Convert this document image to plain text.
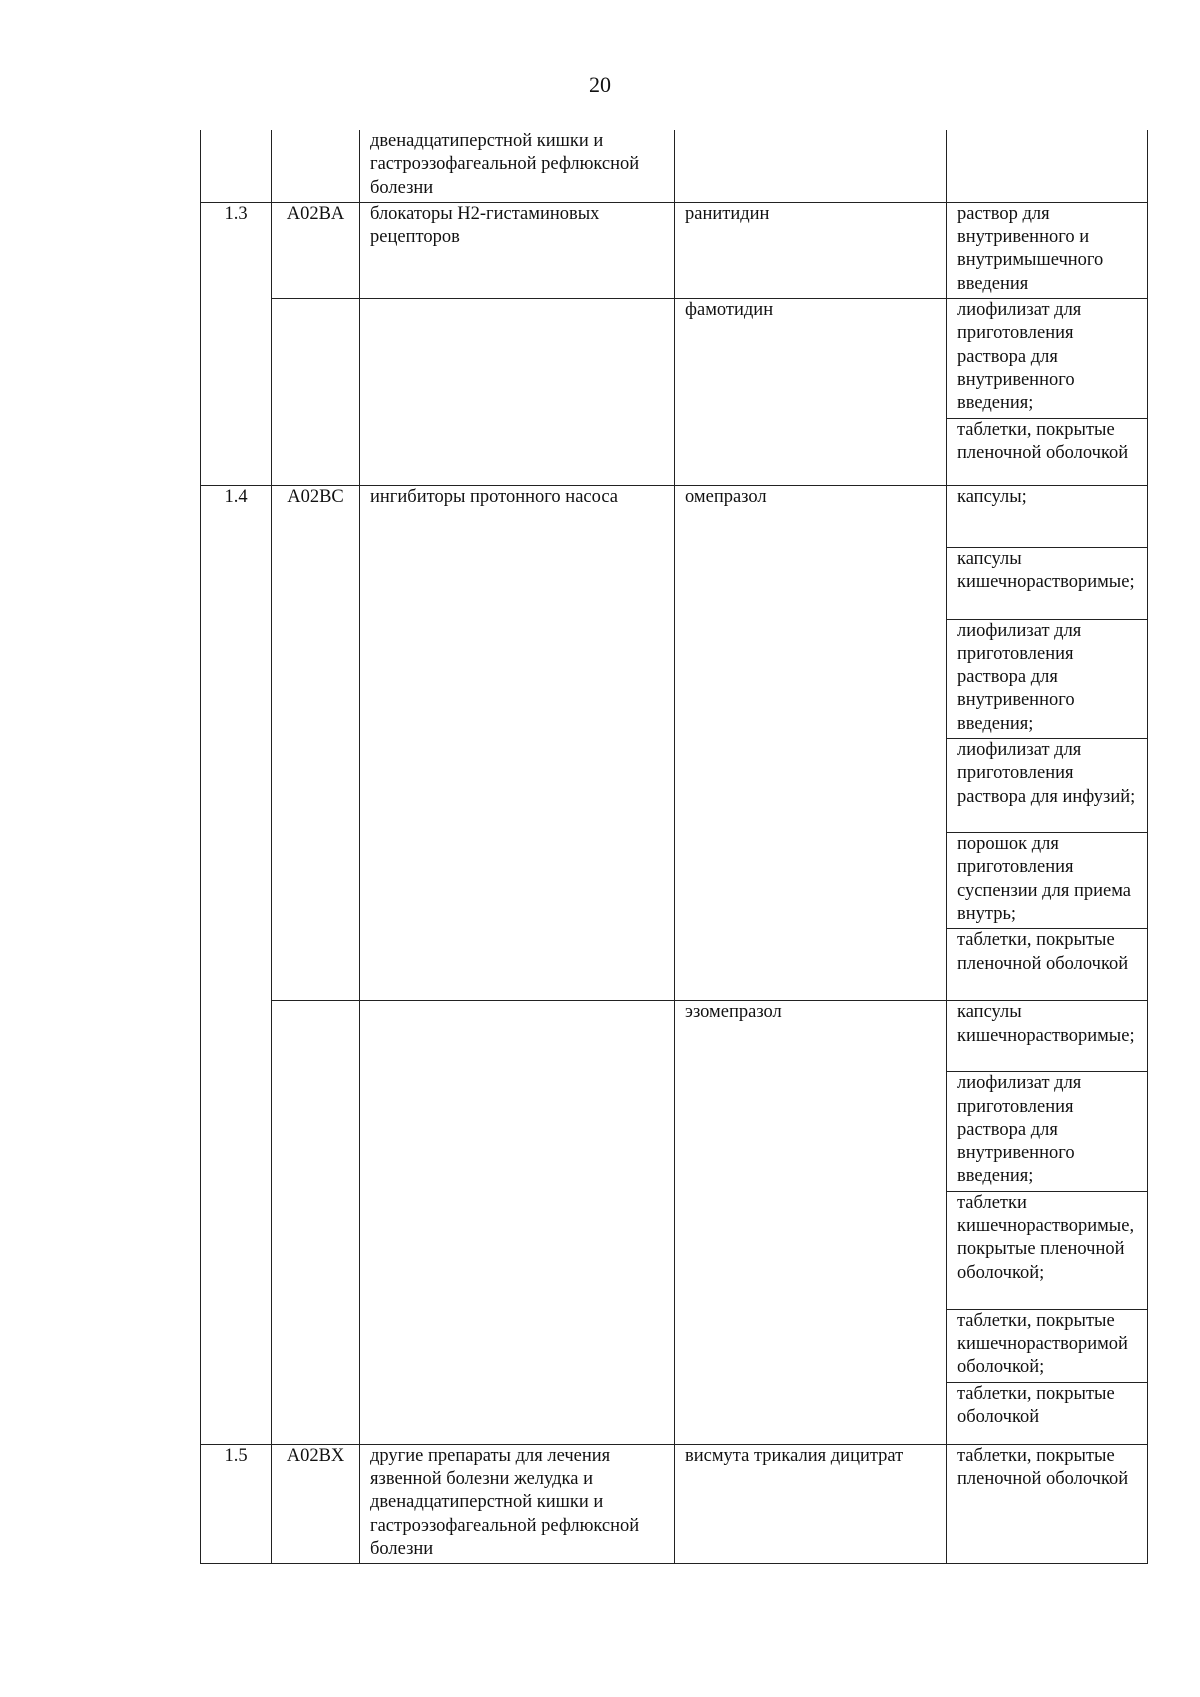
20
		двенадцатиперстной кишки и гастроэзофагеальной рефлюксной болезни		
1.3	A02BA	блокаторы Н2-гистаминовых рецепторов	ранитидин	раствор для внутривенного и внутримышечного введения
			фамотидин	лиофилизат для приготовления раствора для внутривенного введения;
				таблетки, покрытые пленочной оболочкой
1.4	A02BC	ингибиторы протонного насоса	омепразол	капсулы;
				капсулы кишечнорастворимые;
				лиофилизат для приготовления раствора для внутривенного введения;
				лиофилизат для приготовления раствора для инфузий;
				порошок для приготовления суспензии для приема внутрь;
				таблетки, покрытые пленочной оболочкой
			эзомепразол	капсулы кишечнорастворимые;
				лиофилизат для приготовления раствора для внутривенного введения;
				таблетки кишечнорастворимые, покрытые пленочной оболочкой;
				таблетки, покрытые кишечнорастворимой оболочкой;
				таблетки, покрытые оболочкой
1.5	A02BX	другие препараты для лечения язвенной болезни желудка и двенадцатиперстной кишки и гастроэзофагеальной рефлюксной болезни	висмута трикалия дицитрат	таблетки, покрытые пленочной оболочкой
